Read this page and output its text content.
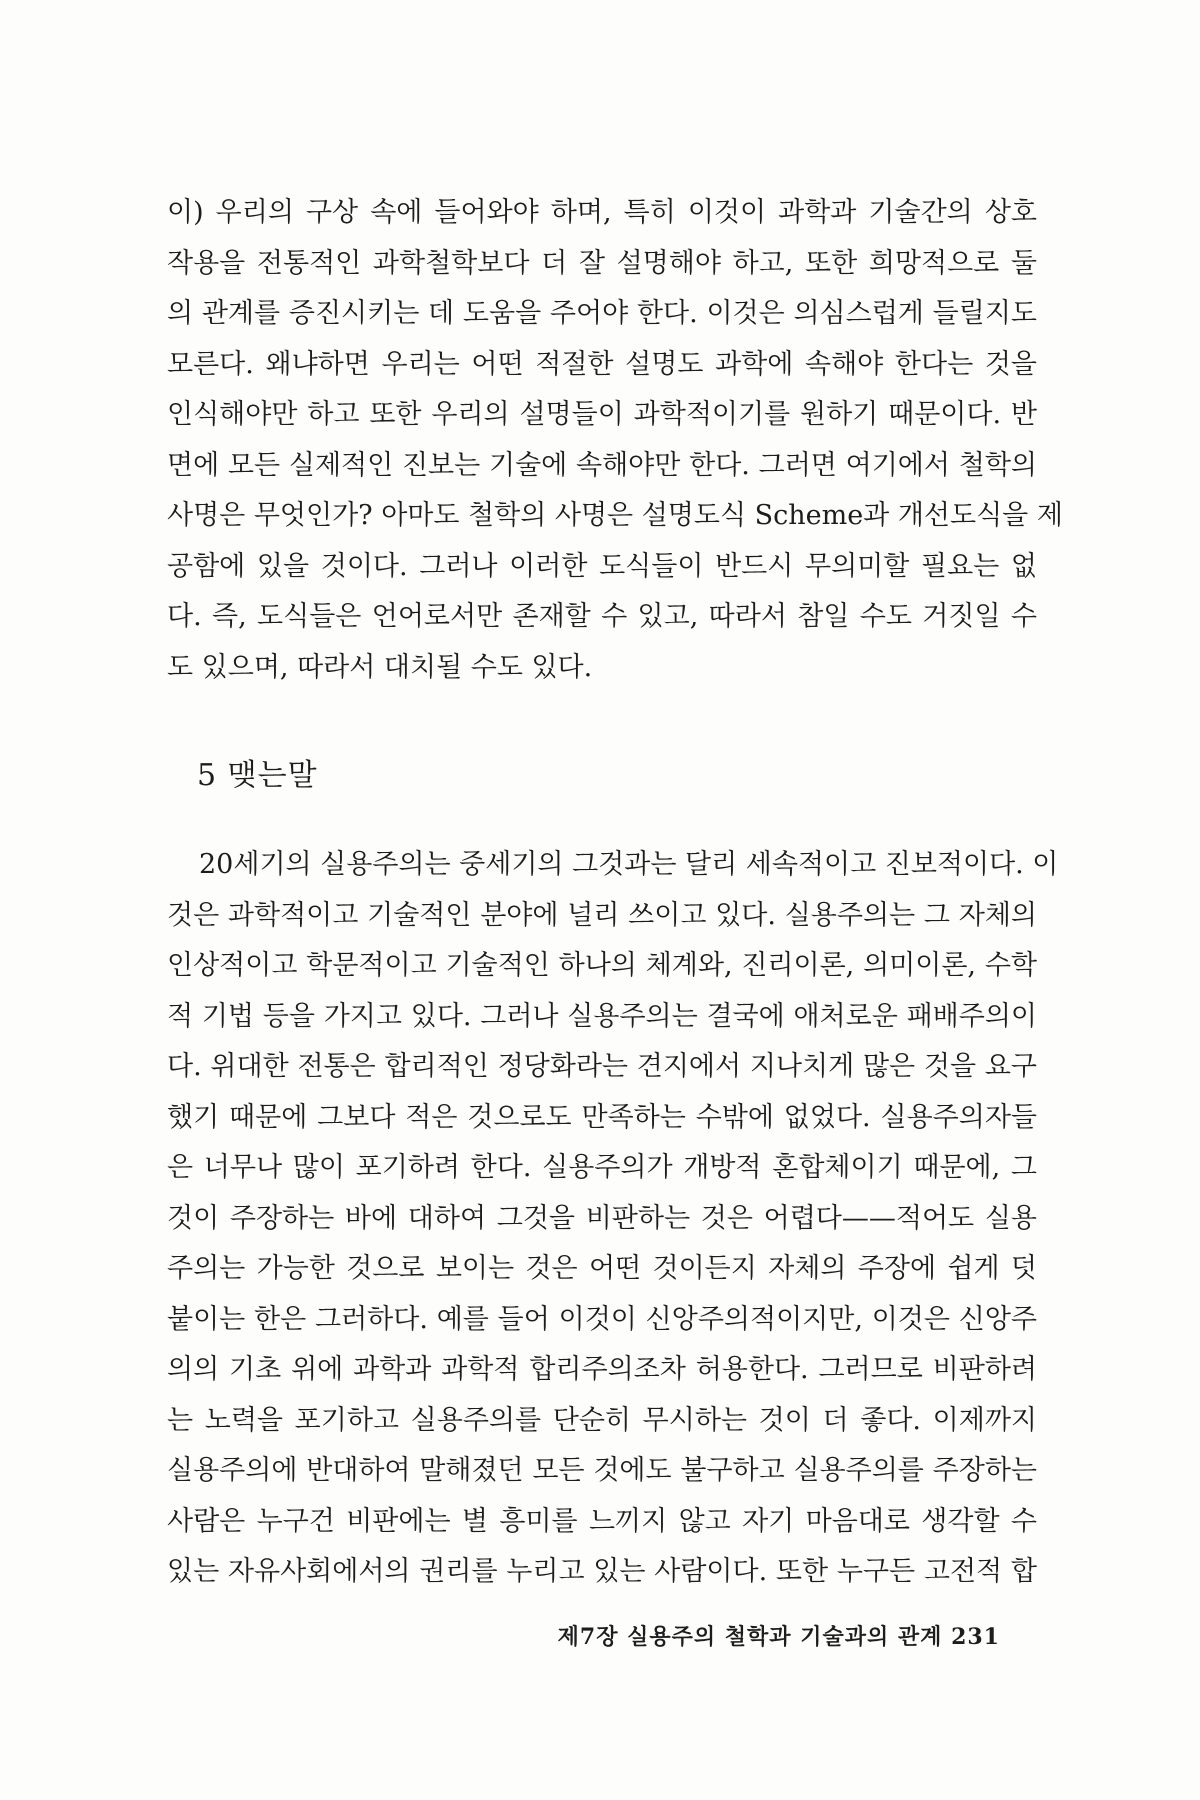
이) 우리의 구상 속에 들어와야 하며, 특히 이것이 과학과 기술간의 상호
작용을 전통적인 과학철학보다 더 잘 설명해야 하고, 또한 희망적으로 둘
의 관계를 증진시키는 데 도움을 주어야 한다. 이것은 의심스럽게 들릴지도
모른다. 왜냐하면 우리는 어떤 적절한 설명도 과학에 속해야 한다는 것을
인식해야만 하고 또한 우리의 설명들이 과학적이기를 원하기 때문이다. 반
면에 모든 실제적인 진보는 기술에 속해야만 한다. 그러면 여기에서 철학의
사명은 무엇인가? 아마도 철학의 사명은 설명도식 Scheme과 개선도식을 제
공함에 있을 것이다. 그러나 이러한 도식들이 반드시 무의미할 필요는 없
다. 즉, 도식들은 언어로서만 존재할 수 있고, 따라서 참일 수도 거짓일 수
도 있으며, 따라서 대치될 수도 있다.
5 맺는말
20세기의 실용주의는 중세기의 그것과는 달리 세속적이고 진보적이다. 이
것은 과학적이고 기술적인 분야에 널리 쓰이고 있다. 실용주의는 그 자체의
인상적이고 학문적이고 기술적인 하나의 체계와, 진리이론, 의미이론, 수학
적 기법 등을 가지고 있다. 그러나 실용주의는 결국에 애처로운 패배주의이
다. 위대한 전통은 합리적인 정당화라는 견지에서 지나치게 많은 것을 요구
했기 때문에 그보다 적은 것으로도 만족하는 수밖에 없었다. 실용주의자들
은 너무나 많이 포기하려 한다. 실용주의가 개방적 혼합체이기 때문에, 그
것이 주장하는 바에 대하여 그것을 비판하는 것은 어렵다——적어도 실용
주의는 가능한 것으로 보이는 것은 어떤 것이든지 자체의 주장에 쉽게 덧
붙이는 한은 그러하다. 예를 들어 이것이 신앙주의적이지만, 이것은 신앙주
의의 기초 위에 과학과 과학적 합리주의조차 허용한다. 그러므로 비판하려
는 노력을 포기하고 실용주의를 단순히 무시하는 것이 더 좋다. 이제까지
실용주의에 반대하여 말해졌던 모든 것에도 불구하고 실용주의를 주장하는
사람은 누구건 비판에는 별 흥미를 느끼지 않고 자기 마음대로 생각할 수
있는 자유사회에서의 권리를 누리고 있는 사람이다. 또한 누구든 고전적 합
제7장 실용주의 철학과 기술과의 관계 231
